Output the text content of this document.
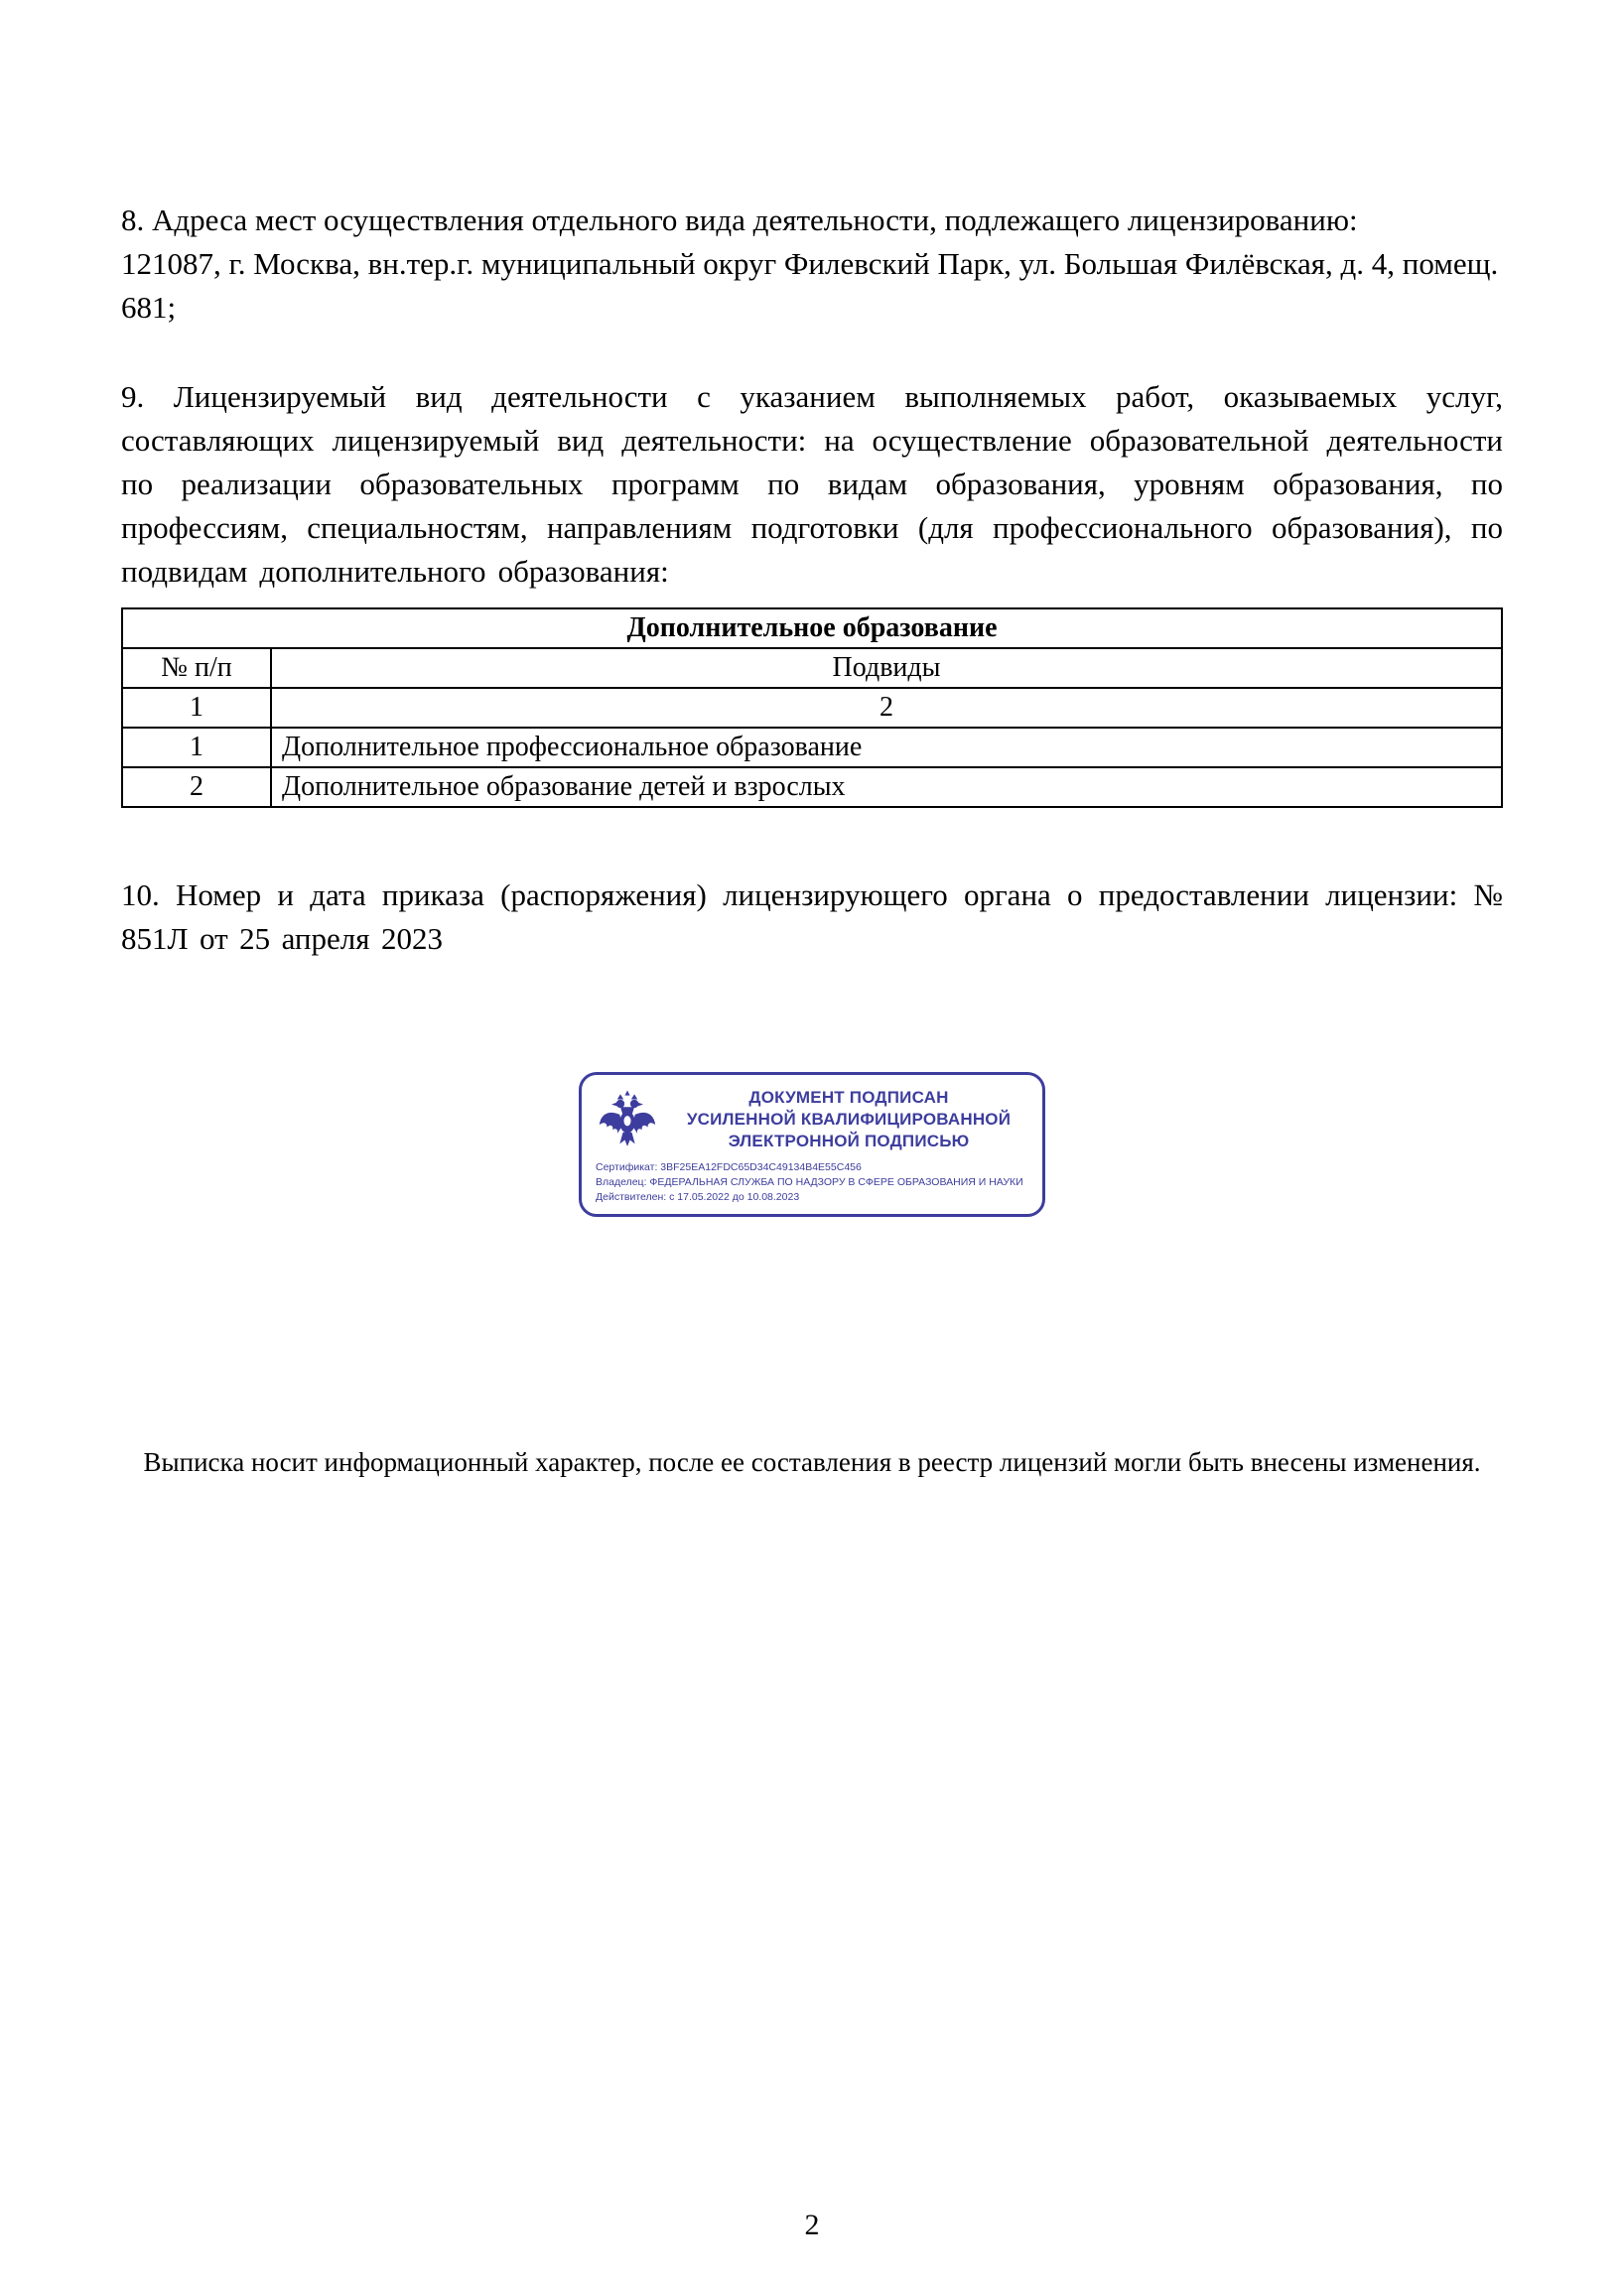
8. Адреса мест осуществления отдельного вида деятельности, подлежащего лицензированию:
121087, г. Москва, вн.тер.г. муниципальный округ Филевский Парк, ул. Большая Филёвская, д. 4, помещ. 681;
9. Лицензируемый вид деятельности с указанием выполняемых работ, оказываемых услуг, составляющих лицензируемый вид деятельности: на осуществление образовательной деятельности по реализации образовательных программ по видам образования, уровням образования, по профессиям, специальностям, направлениям подготовки (для профессионального образования), по подвидам дополнительного образования:
Дополнительное образование	
№ п/п	Подвиды
1	2
1	Дополнительное профессиональное образование
2	Дополнительное образование детей и взрослых
10. Номер и дата приказа (распоряжения) лицензирующего органа о предоставлении лицензии: № 851Л от 25 апреля 2023
ДОКУМЕНТ ПОДПИСАН
УСИЛЕННОЙ КВАЛИФИЦИРОВАННОЙ
ЭЛЕКТРОННОЙ ПОДПИСЬЮ
Сертификат: 3BF25EA12FDC65D34C49134B4E55C456
Владелец: ФЕДЕРАЛЬНАЯ СЛУЖБА ПО НАДЗОРУ В СФЕРЕ ОБРАЗОВАНИЯ И НАУКИ
Действителен: с 17.05.2022 до 10.08.2023
Выписка носит информационный характер, после ее составления в реестр лицензий могли быть внесены изменения.
2
